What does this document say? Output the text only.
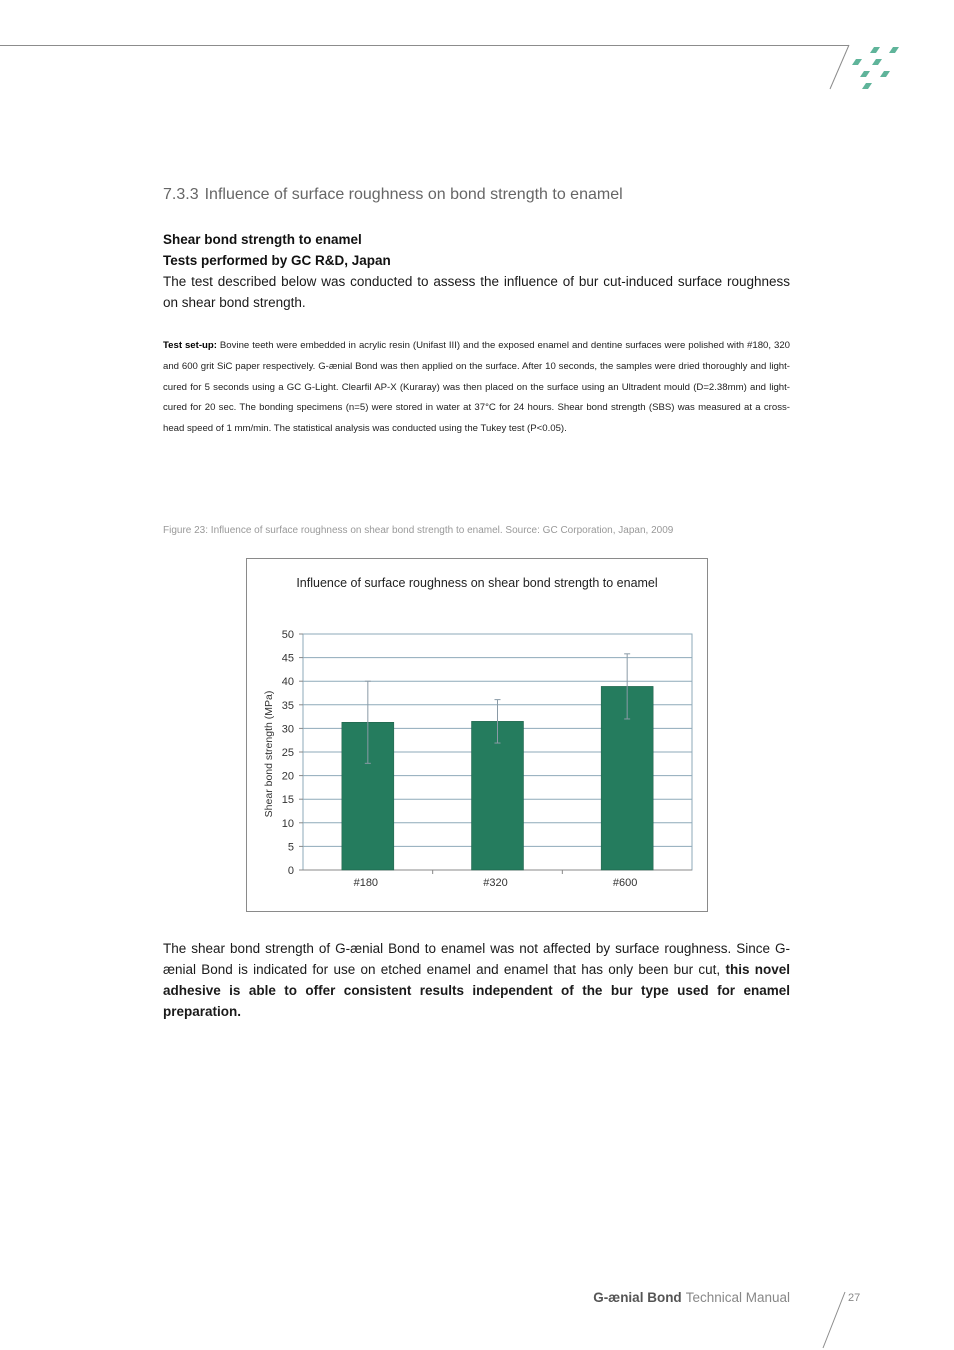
7.3.3 Influence of surface roughness on bond strength to enamel
Shear bond strength to enamel
Tests performed by GC R&D, Japan
The test described below was conducted to assess the influence of bur cut-induced surface roughness on shear bond strength.
Test set-up: Bovine teeth were embedded in acrylic resin (Unifast III) and the exposed enamel and dentine surfaces were polished with #180, 320 and 600 grit SiC paper respectively. G-ænial Bond was then applied on the surface. After 10 seconds, the samples were dried thoroughly and light-cured for 5 seconds using a GC G-Light. Clearfil AP-X (Kuraray) was then placed on the surface using an Ultradent mould (D=2.38mm) and light-cured for 20 sec. The bonding specimens (n=5) were stored in water at 37°C for 24 hours. Shear bond strength (SBS) was measured at a cross-head speed of 1 mm/min. The statistical analysis was conducted using the Tukey test (P<0.05).
Figure 23: Influence of surface roughness on shear bond strength to enamel. Source: GC Corporation, Japan, 2009
Influence of surface roughness on shear bond strength to enamel
0
5
10
15
20
25
30
35
40
45
50
Shear bond strength (MPa)
#180	#320	#600
The shear bond strength of G-ænial Bond to enamel was not affected by surface roughness. Since G-ænial Bond is indicated for use on etched enamel and enamel that has only been bur cut, this novel adhesive is able to offer consistent results independent of the bur type used for enamel preparation.
G-ænial Bond Technical Manual	27
